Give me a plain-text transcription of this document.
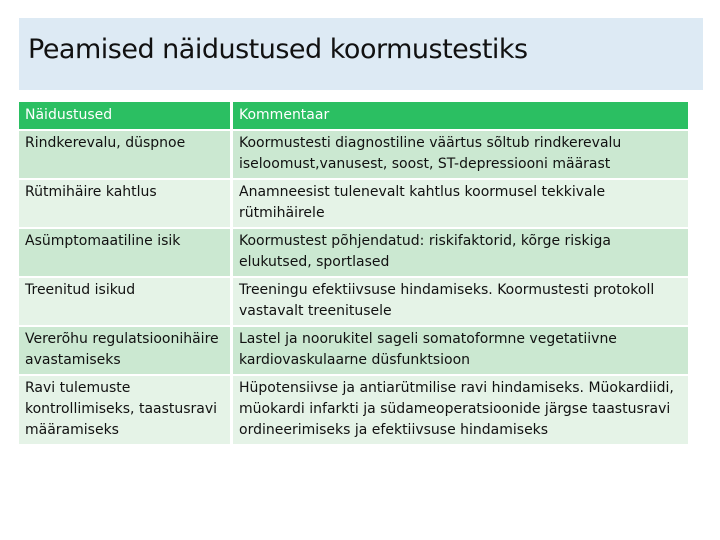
Peamised näidustused koormustestiks
Näidustused	Kommentaar
Rindkerevalu, düspnoe	Koormustesti diagnostiline väärtus sõltub rindkerevalu iseloomust,vanusest, soost, ST-depressiooni määrast
Rütmihäire kahtlus	Anamneesist tulenevalt kahtlus koormusel tekkivale rütmihäirele
Asümptomaatiline isik	Koormustest põhjendatud: riskifaktorid, kõrge riskiga elukutsed, sportlased
Treenitud isikud	Treeningu efektiivsuse hindamiseks. Koormustesti protokoll vastavalt treenitusele
Vererõhu regulatsioonihäire avastamiseks	Lastel ja noorukitel sageli somatoformne vegetatiivne kardiovaskulaarne düsfunktsioon
Ravi tulemuste kontrollimiseks, taastusravi määramiseks	Hüpotensiivse ja antiarütmilise ravi hindamiseks. Müokardiidi, müokardi infarkti ja südameoperatsioonide järgse taastusravi ordineerimiseks ja efektiivsuse hindamiseks
